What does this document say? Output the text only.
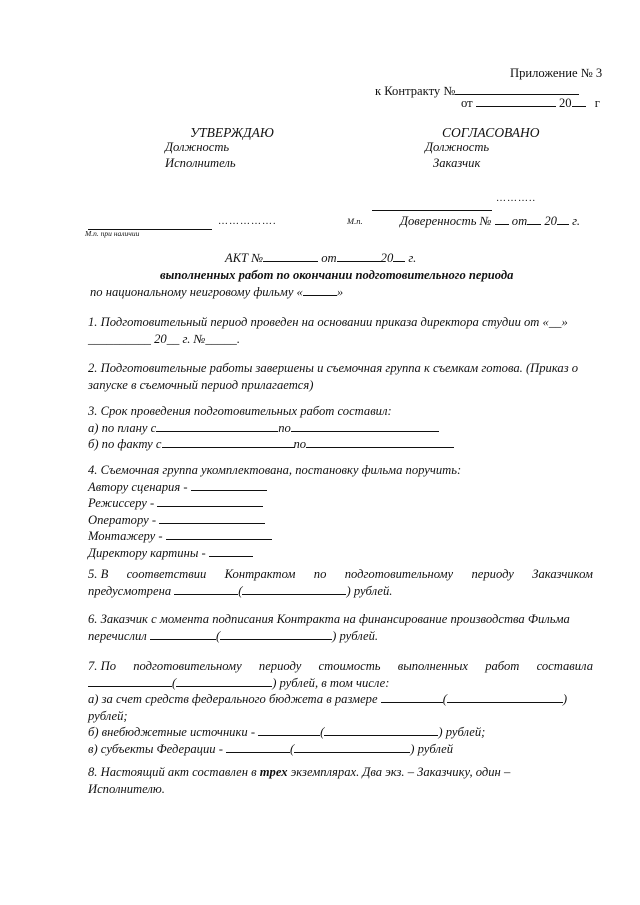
Приложение № 3
к Контракту №
от	20 г
УТВЕРЖДАЮ
Должность
Исполнитель
…………….
М.п. при наличии
СОГЛАСОВАНО
Должность
Заказчик
………..
М.п.	Доверенность № от 20 г.
АКТ №	от	20 г.
выполненных работ по окончании подготовительного периода
по национальному неигровому фильму «	»
1. Подготовительный период проведен на основании приказа директора студии от «__»
__________ 20__ г. №_____.
2. Подготовительные работы завершены и съемочная группа к съемкам готова. (Приказ о
запуске в съемочный период прилагается)
3. Срок проведения подготовительных работ составил:
а) по плану с	по
б) по факту с	по
4. Съемочная группа укомплектована, постановку фильма поручить:
Автору сценария -
Режиссеру -
Оператору -
Монтажеру -
Директору картины -
5. В соответствии Контрактом по подготовительному периоду Заказчиком
предусмотрена	(	) рублей.
6. Заказчик с момента подписания Контракта на финансирование производства Фильма
перечислил	(	) рублей.
7. По подготовительному периоду стоимость выполненных работ составила
(	) рублей, в том числе:
а) за счет средств федерального бюджета в размере	(	)
рублей;
б) внебюджетные источники -	(	) рублей;
в) субъекты Федерации -	(	) рублей
8. Настоящий акт составлен в трех экземплярах. Два экз. – Заказчику, один –
Исполнителю.
